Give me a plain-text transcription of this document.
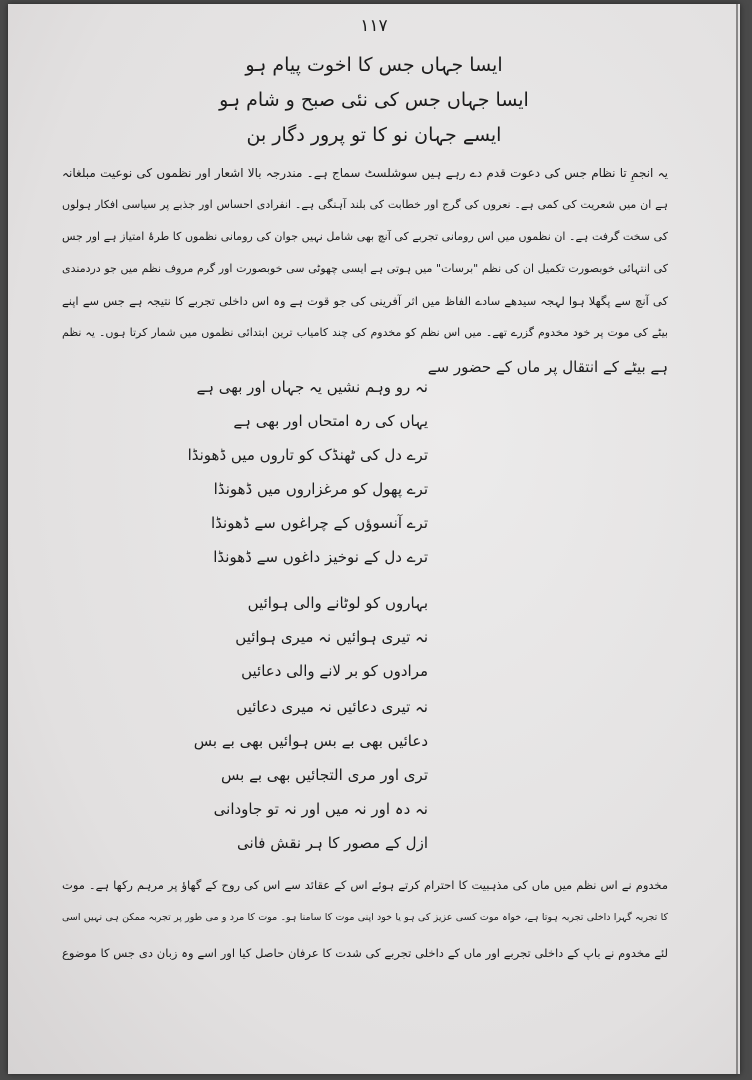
۱۱۷
ایسا جہاں جس کا اخوت پیام ہو
ایسا جہاں جس کی نئی صبح و شام ہو
ایسے جہان نو کا تو پرور دگار بن
یہ انجمِ تا نظام جس کی دعوت قدم دے رہے ہیں سوشلسٹ سماج ہے۔ مندرجہ بالا اشعار اور نظموں کی نوعیت مبلغانہ
ہے ان میں شعریت کی کمی ہے۔ نعروں کی گرج اور خطابت کی بلند آہنگی ہے۔ انفرادی احساس اور جذبے پر سیاسی افکار ہولوں
کی سخت گرفت ہے۔ ان نظموں میں اس رومانی تجربے کی آنچ بھی شامل نہیں جوان کی رومانی نظموں کا طرۂ امتیاز ہے اور جس
کی انتہائی خوبصورت تکمیل ان کی نظم "برسات" میں ہوتی ہے ایسی چھوٹی سی خوبصورت اور گرم مروف نظم میں جو دردمندی
کی آنچ سے پگھلا ہوا لہجہ سیدھے سادے الفاظ میں اثر آفرینی کی جو قوت ہے وہ اس داخلی تجربے کا نتیجہ ہے جس سے اپنے
بیٹے کی موت پر خود مخدوم گزرے تھے۔ میں اس نظم کو مخدوم کی چند کامیاب ترین ابتدائی نظموں میں شمار کرتا ہوں۔ یہ نظم
ہے بیٹے کے انتقال پر ماں کے حضور سے
نہ رو وہم نشیں یہ جہاں اور بھی ہے
یہاں کی رہ امتحاں اور بھی ہے
ترے دل کی ٹھنڈک کو تاروں میں ڈھونڈا
ترے پھول کو مرغزاروں میں ڈھونڈا
ترے آنسوؤں کے چراغوں سے ڈھونڈا
ترے دل کے نوخیز داغوں سے ڈھونڈا
بہاروں کو لوٹانے والی ہوائیں
نہ تیری ہوائیں نہ میری ہوائیں
مرادوں کو بر لانے والی دعائیں
نہ تیری دعائیں نہ میری دعائیں
دعائیں بھی بے بس ہوائیں بھی بے بس
تری اور مری التجائیں بھی بے بس
نہ دہ اور نہ میں اور نہ تو جاودانی
ازل کے مصور کا ہر نقش فانی
مخدوم نے اس نظم میں ماں کی مذہبیت کا احترام کرتے ہوئے اس کے عقائد سے اس کی روح کے گھاؤ پر مرہم رکھا ہے۔ موت
کا تجربہ گہرا داخلی تجربہ ہوتا ہے، خواہ موت کسی عزیز کی ہو یا خود اپنی موت کا سامنا ہو۔ موت کا مرد و می طور پر تجربہ ممکن ہی نہیں اسی
لئے مخدوم نے باپ کے داخلی تجربے اور ماں کے داخلی تجربے کی شدت کا عرفان حاصل کیا اور اسے وہ زبان دی جس کا موضوع
